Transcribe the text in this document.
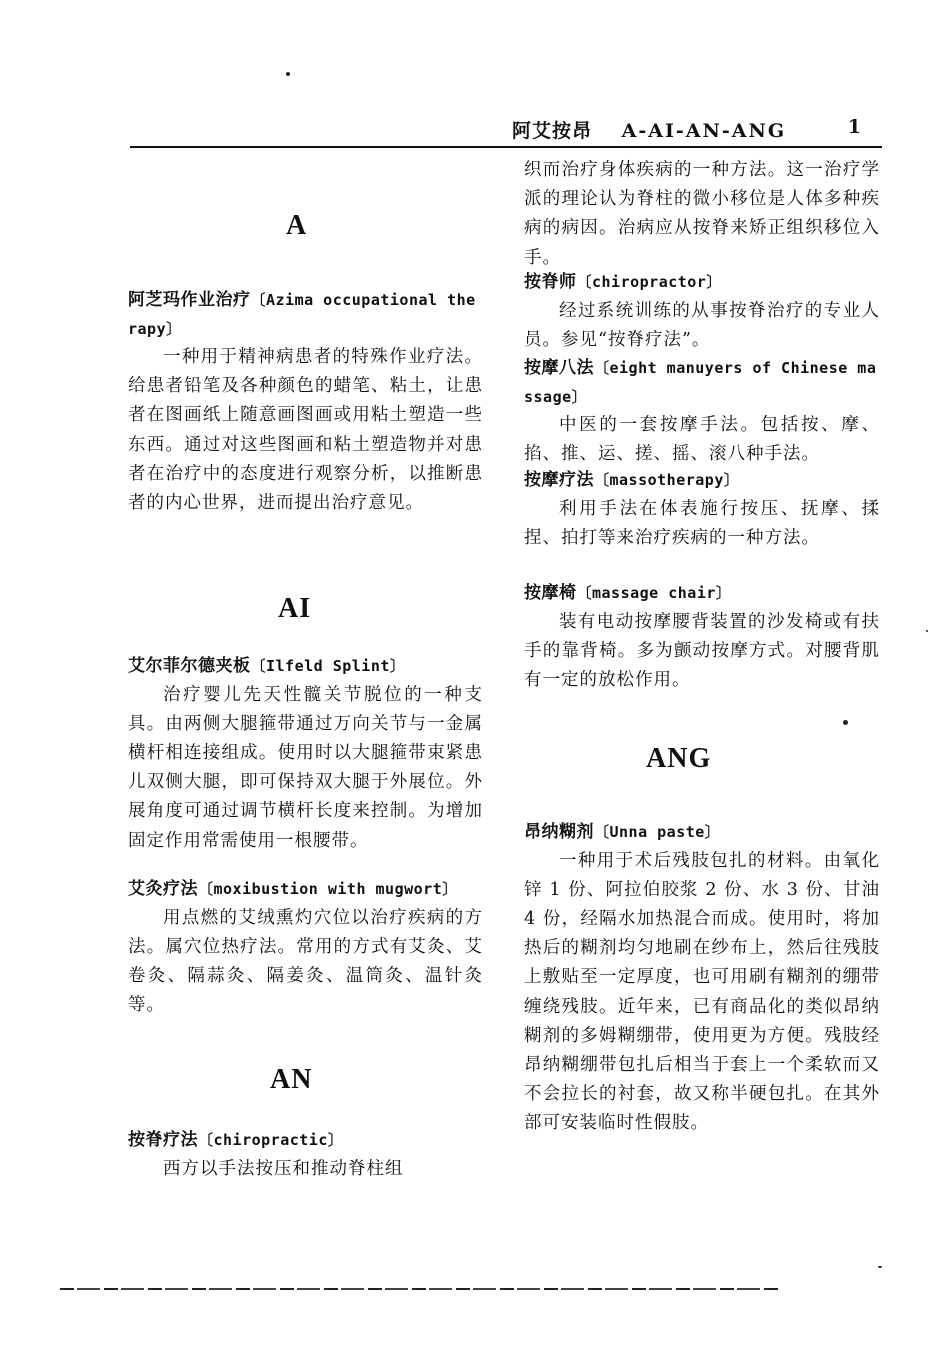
阿艾按昂 A-AI-AN-ANG	1
A

阿芝玛作业治疗〔Azima occupational therapy〕

一种用于精神病患者的特殊作业疗法。给患者铅笔及各种颜色的蜡笔、粘土，让患者在图画纸上随意画图画或用粘土塑造一些东西。通过对这些图画和粘土塑造物并对患者在治疗中的态度进行观察分析，以推断患者的内心世界，进而提出治疗意见。

AI

艾尔菲尔德夹板〔Ilfeld Splint〕

治疗婴儿先天性髋关节脱位的一种支具。由两侧大腿箍带通过万向关节与一金属横杆相连接组成。使用时以大腿箍带束紧患儿双侧大腿，即可保持双大腿于外展位。外展角度可通过调节横杆长度来控制。为增加固定作用常需使用一根腰带。

艾灸疗法〔moxibustion with mugwort〕

用点燃的艾绒熏灼穴位以治疗疾病的方法。属穴位热疗法。常用的方式有艾灸、艾卷灸、隔蒜灸、隔姜灸、温筒灸、温针灸等。

AN

按脊疗法〔chiropractic〕

西方以手法按压和推动脊柱组

织而治疗身体疾病的一种方法。这一治疗学派的理论认为脊柱的微小移位是人体多种疾病的病因。治病应从按脊来矫正组织移位入手。

按脊师〔chiropractor〕

经过系统训练的从事按脊治疗的专业人员。参见“按脊疗法”。

按摩八法〔eight manuyers of Chinese massage〕

中医的一套按摩手法。包括按、摩、掐、推、运、搓、摇、滚八种手法。

按摩疗法〔massotherapy〕

利用手法在体表施行按压、抚摩、揉捏、拍打等来治疗疾病的一种方法。

按摩椅〔massage chair〕

装有电动按摩腰背装置的沙发椅或有扶手的靠背椅。多为颤动按摩方式。对腰背肌有一定的放松作用。

ANG

昂纳糊剂〔Unna paste〕

一种用于术后残肢包扎的材料。由氧化锌 1 份、阿拉伯胶浆 2 份、水 3 份、甘油 4 份，经隔水加热混合而成。使用时，将加热后的糊剂均匀地刷在纱布上，然后往残肢上敷贴至一定厚度，也可用刷有糊剂的绷带缠绕残肢。近年来，已有商品化的类似昂纳糊剂的多姆糊绷带，使用更为方便。残肢经昂纳糊绷带包扎后相当于套上一个柔软而又不会拉长的衬套，故又称半硬包扎。在其外部可安装临时性假肢。
